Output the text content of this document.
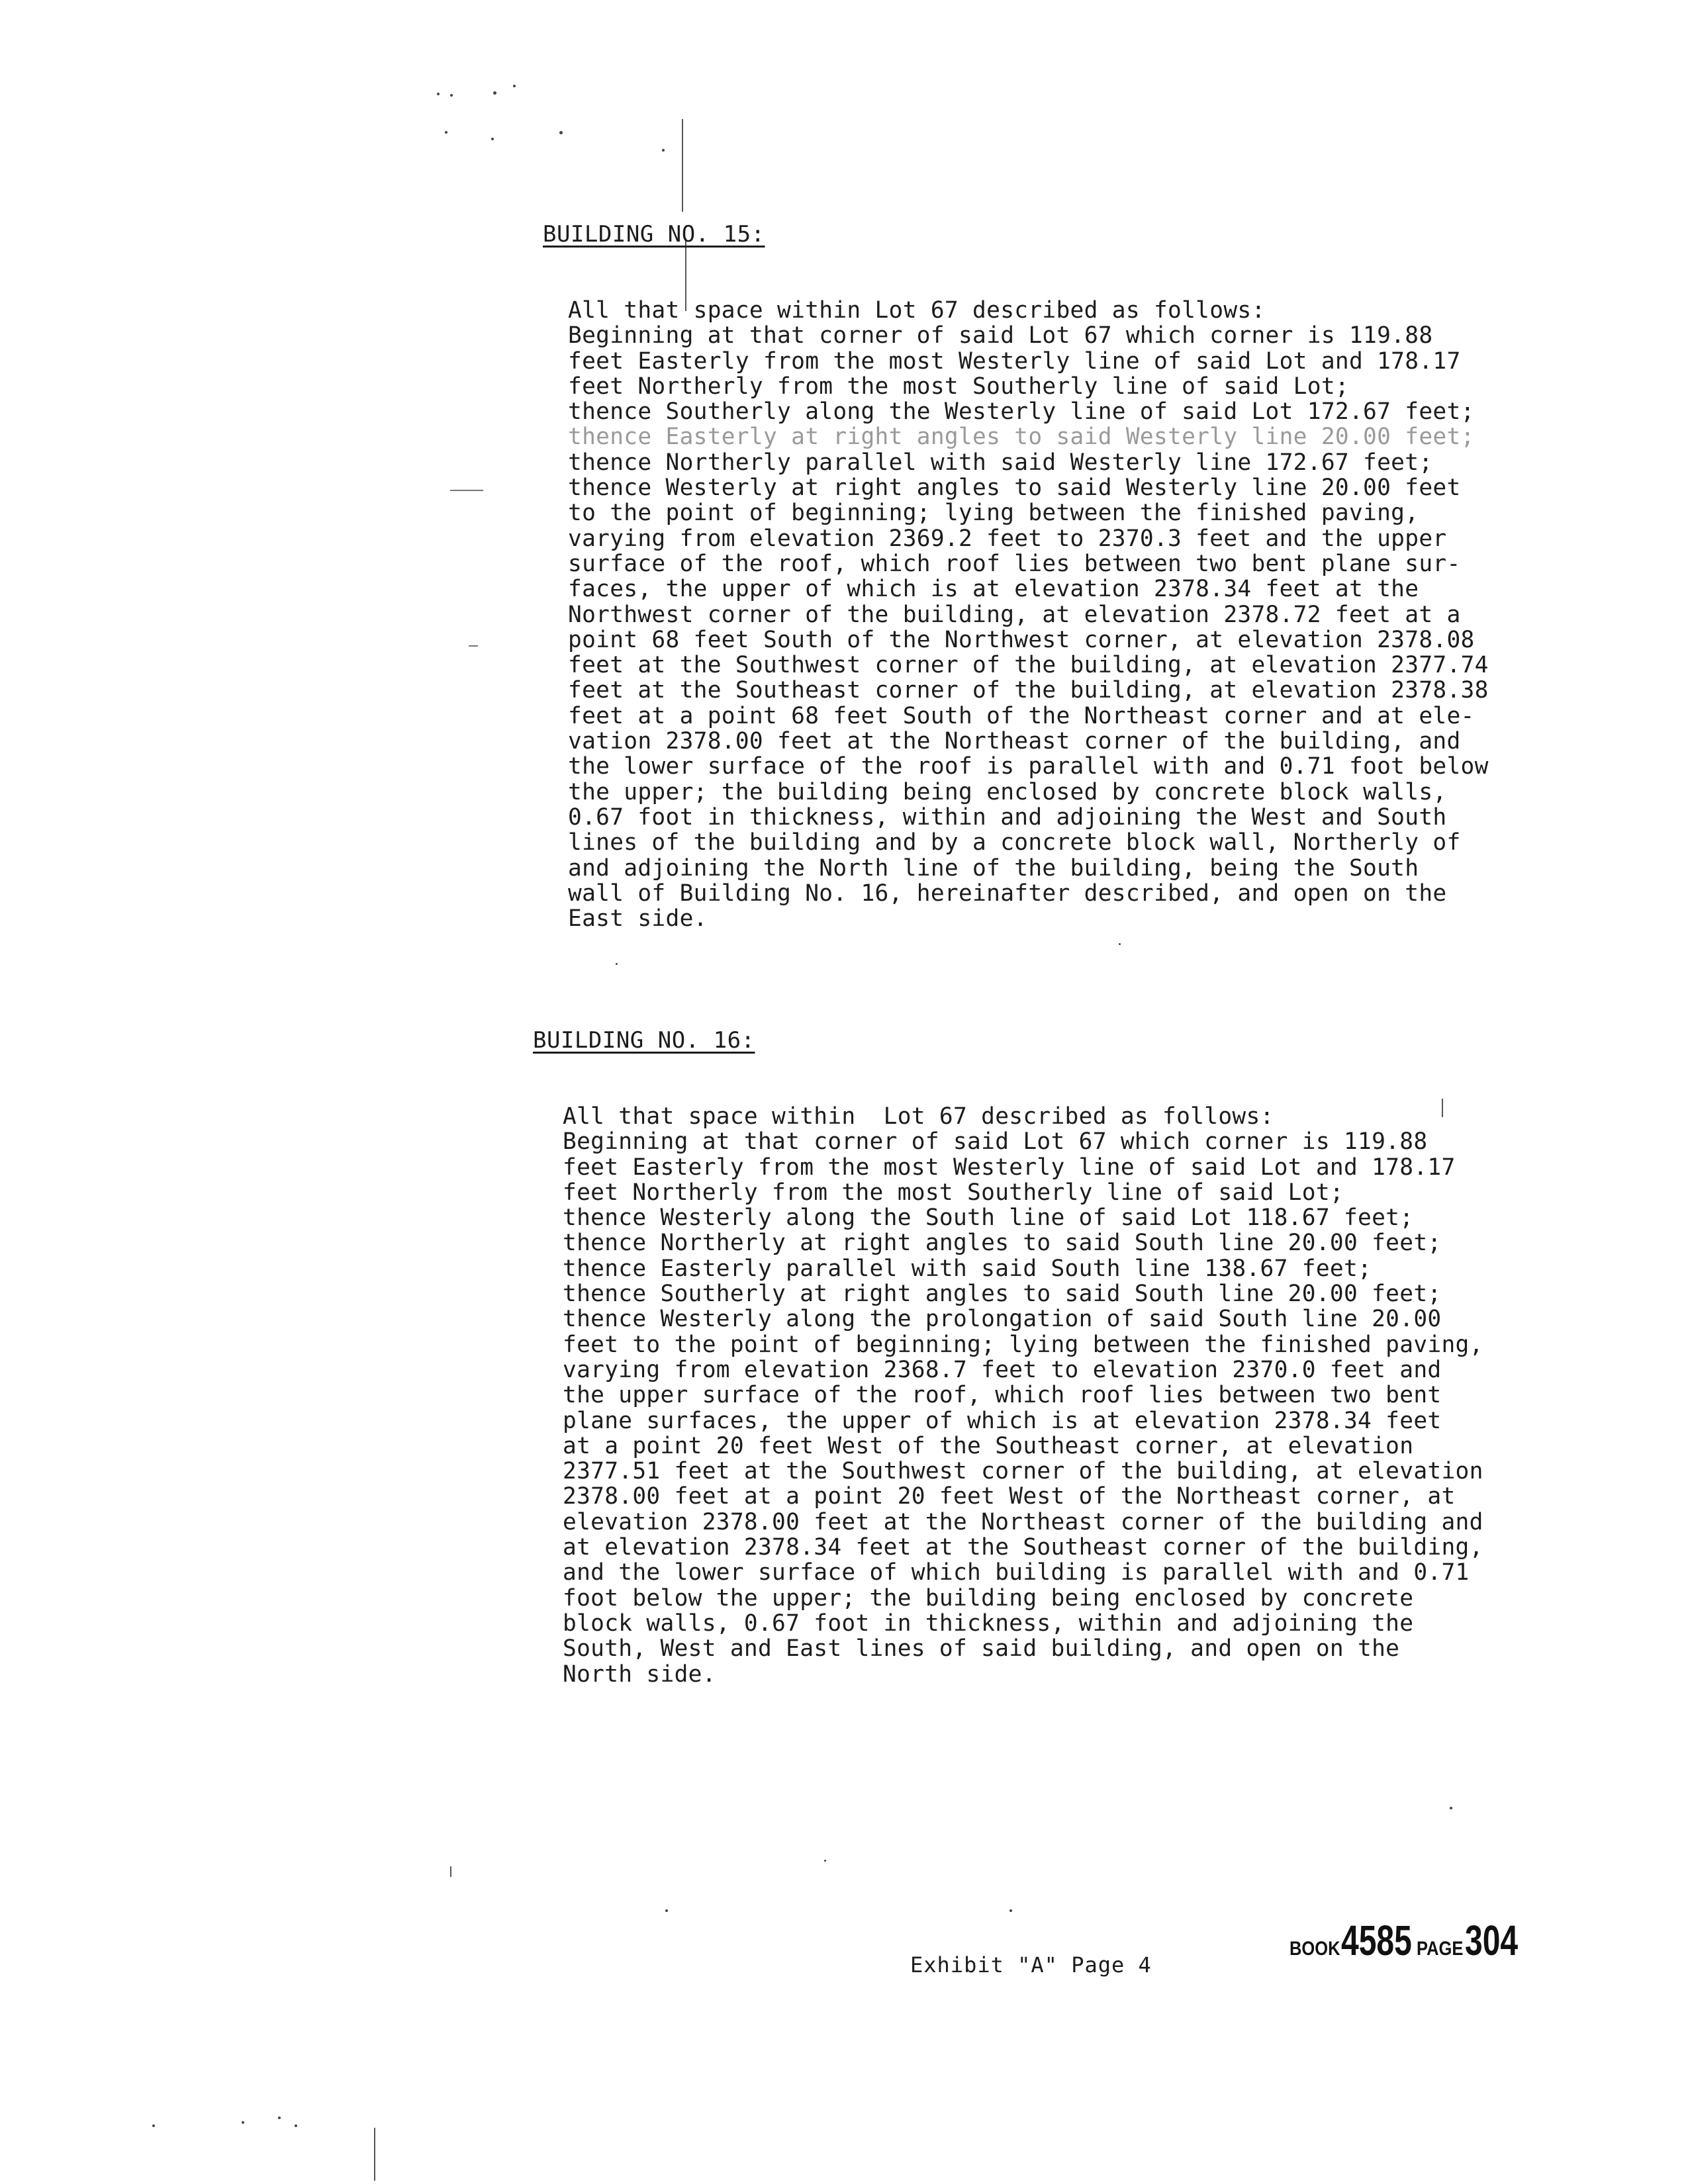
BUILDING NO. 15:
All that space within Lot 67 described as follows:
Beginning at that corner of said Lot 67 which corner is 119.88
feet Easterly from the most Westerly line of said Lot and 178.17
feet Northerly from the most Southerly line of said Lot;
thence Southerly along the Westerly line of said Lot 172.67 feet;
thence Easterly at right angles to said Westerly line 20.00 feet;
thence Northerly parallel with said Westerly line 172.67 feet;
thence Westerly at right angles to said Westerly line 20.00 feet
to the point of beginning; lying between the finished paving,
varying from elevation 2369.2 feet to 2370.3 feet and the upper
surface of the roof, which roof lies between two bent plane sur-
faces, the upper of which is at elevation 2378.34 feet at the
Northwest corner of the building, at elevation 2378.72 feet at a
point 68 feet South of the Northwest corner, at elevation 2378.08
feet at the Southwest corner of the building, at elevation 2377.74
feet at the Southeast corner of the building, at elevation 2378.38
feet at a point 68 feet South of the Northeast corner and at ele-
vation 2378.00 feet at the Northeast corner of the building, and
the lower surface of the roof is parallel with and 0.71 foot below
the upper; the building being enclosed by concrete block walls,
0.67 foot in thickness, within and adjoining the West and South
lines of the building and by a concrete block wall, Northerly of
and adjoining the North line of the building, being the South
wall of Building No. 16, hereinafter described, and open on the
East side.
BUILDING NO. 16:
All that space within  Lot 67 described as follows:
Beginning at that corner of said Lot 67 which corner is 119.88
feet Easterly from the most Westerly line of said Lot and 178.17
feet Northerly from the most Southerly line of said Lot;
thence Westerly along the South line of said Lot 118.67 feet;
thence Northerly at right angles to said South line 20.00 feet;
thence Easterly parallel with said South line 138.67 feet;
thence Southerly at right angles to said South line 20.00 feet;
thence Westerly along the prolongation of said South line 20.00
feet to the point of beginning; lying between the finished paving,
varying from elevation 2368.7 feet to elevation 2370.0 feet and
the upper surface of the roof, which roof lies between two bent
plane surfaces, the upper of which is at elevation 2378.34 feet
at a point 20 feet West of the Southeast corner, at elevation
2377.51 feet at the Southwest corner of the building, at elevation
2378.00 feet at a point 20 feet West of the Northeast corner, at
elevation 2378.00 feet at the Northeast corner of the building and
at elevation 2378.34 feet at the Southeast corner of the building,
and the lower surface of which building is parallel with and 0.71
foot below the upper; the building being enclosed by concrete
block walls, 0.67 foot in thickness, within and adjoining the
South, West and East lines of said building, and open on the
North side.
BOOK4585 PAGE304
Exhibit "A" Page 4
